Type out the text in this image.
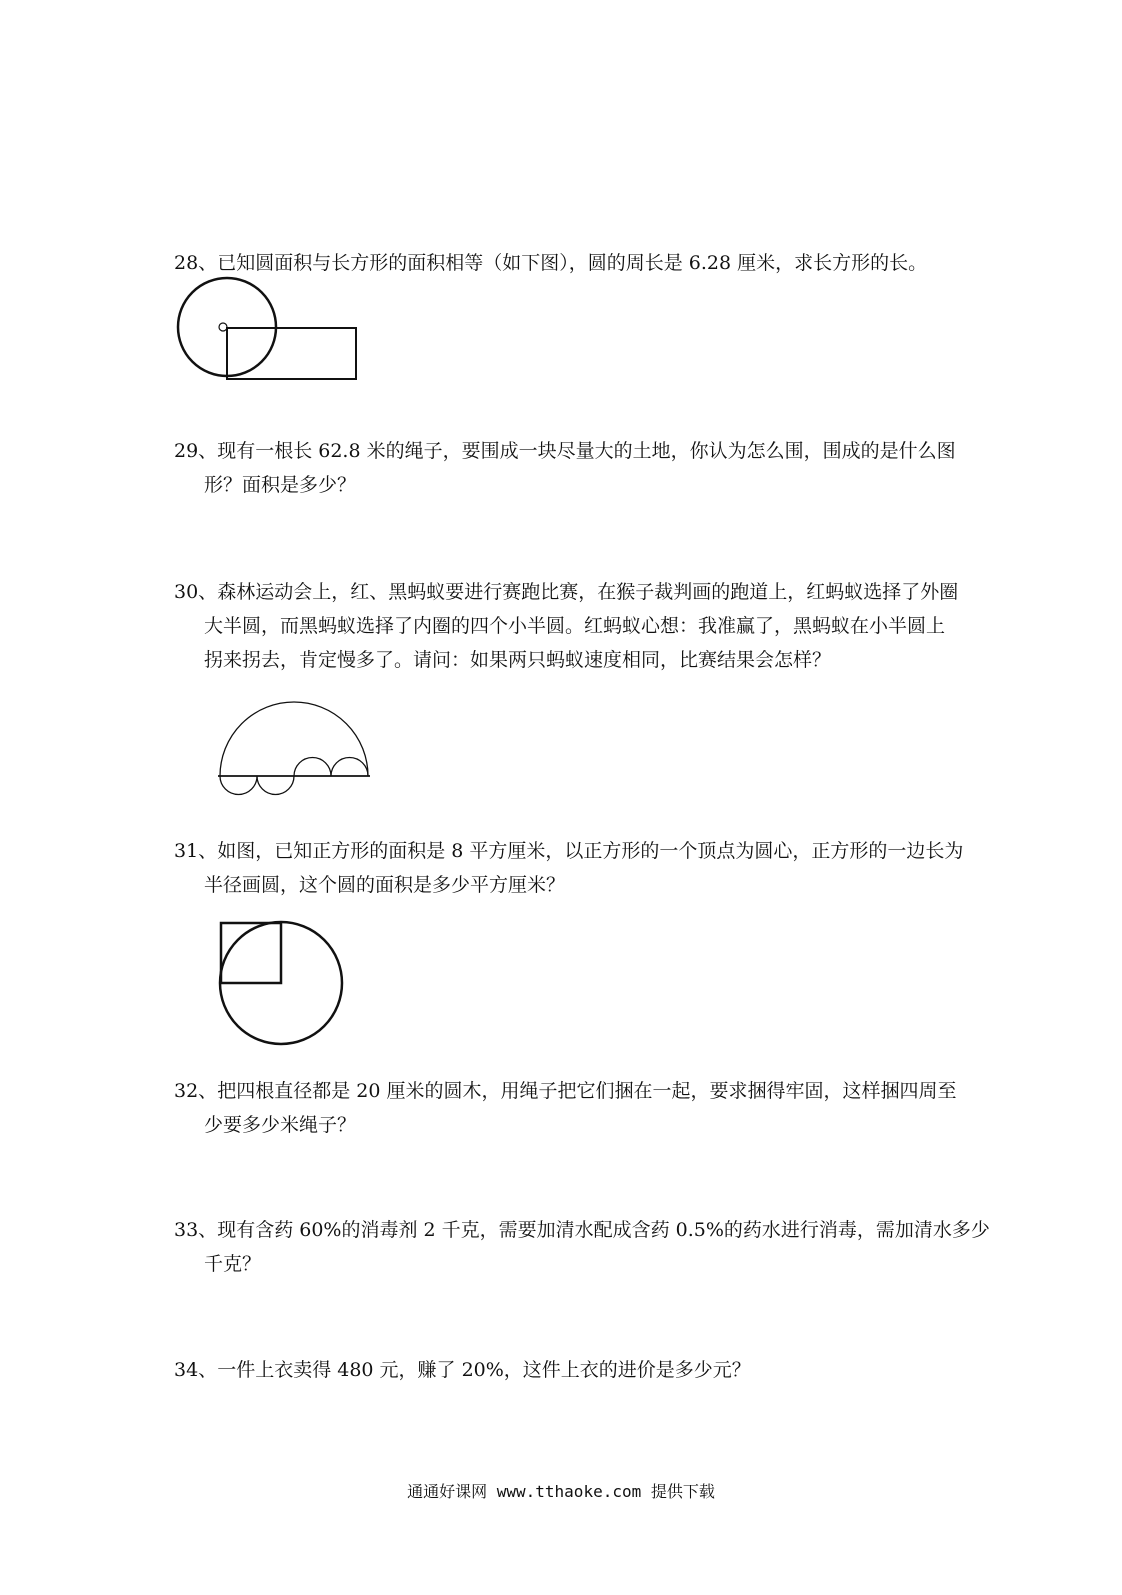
28、已知圆面积与长方形的面积相等（如下图），圆的周长是 6.28 厘米，求长方形的长。

29、现有一根长 62.8 米的绳子，要围成一块尽量大的土地，你认为怎么围，围成的是什么图
形？面积是多少？

30、森林运动会上，红、黑蚂蚁要进行赛跑比赛，在猴子裁判画的跑道上，红蚂蚁选择了外圈
大半圆，而黑蚂蚁选择了内圈的四个小半圆。红蚂蚁心想：我准赢了，黑蚂蚁在小半圆上
拐来拐去，肯定慢多了。请问：如果两只蚂蚁速度相同，比赛结果会怎样？

31、如图，已知正方形的面积是 8 平方厘米，以正方形的一个顶点为圆心，正方形的一边长为
半径画圆，这个圆的面积是多少平方厘米？

32、把四根直径都是 20 厘米的圆木，用绳子把它们捆在一起，要求捆得牢固，这样捆四周至
少要多少米绳子？

33、现有含药 60%的消毒剂 2 千克，需要加清水配成含药 0.5%的药水进行消毒，需加清水多少
千克？

34、一件上衣卖得 480 元，赚了 20%，这件上衣的进价是多少元？

通通好课网 www.tthaoke.com 提供下载
